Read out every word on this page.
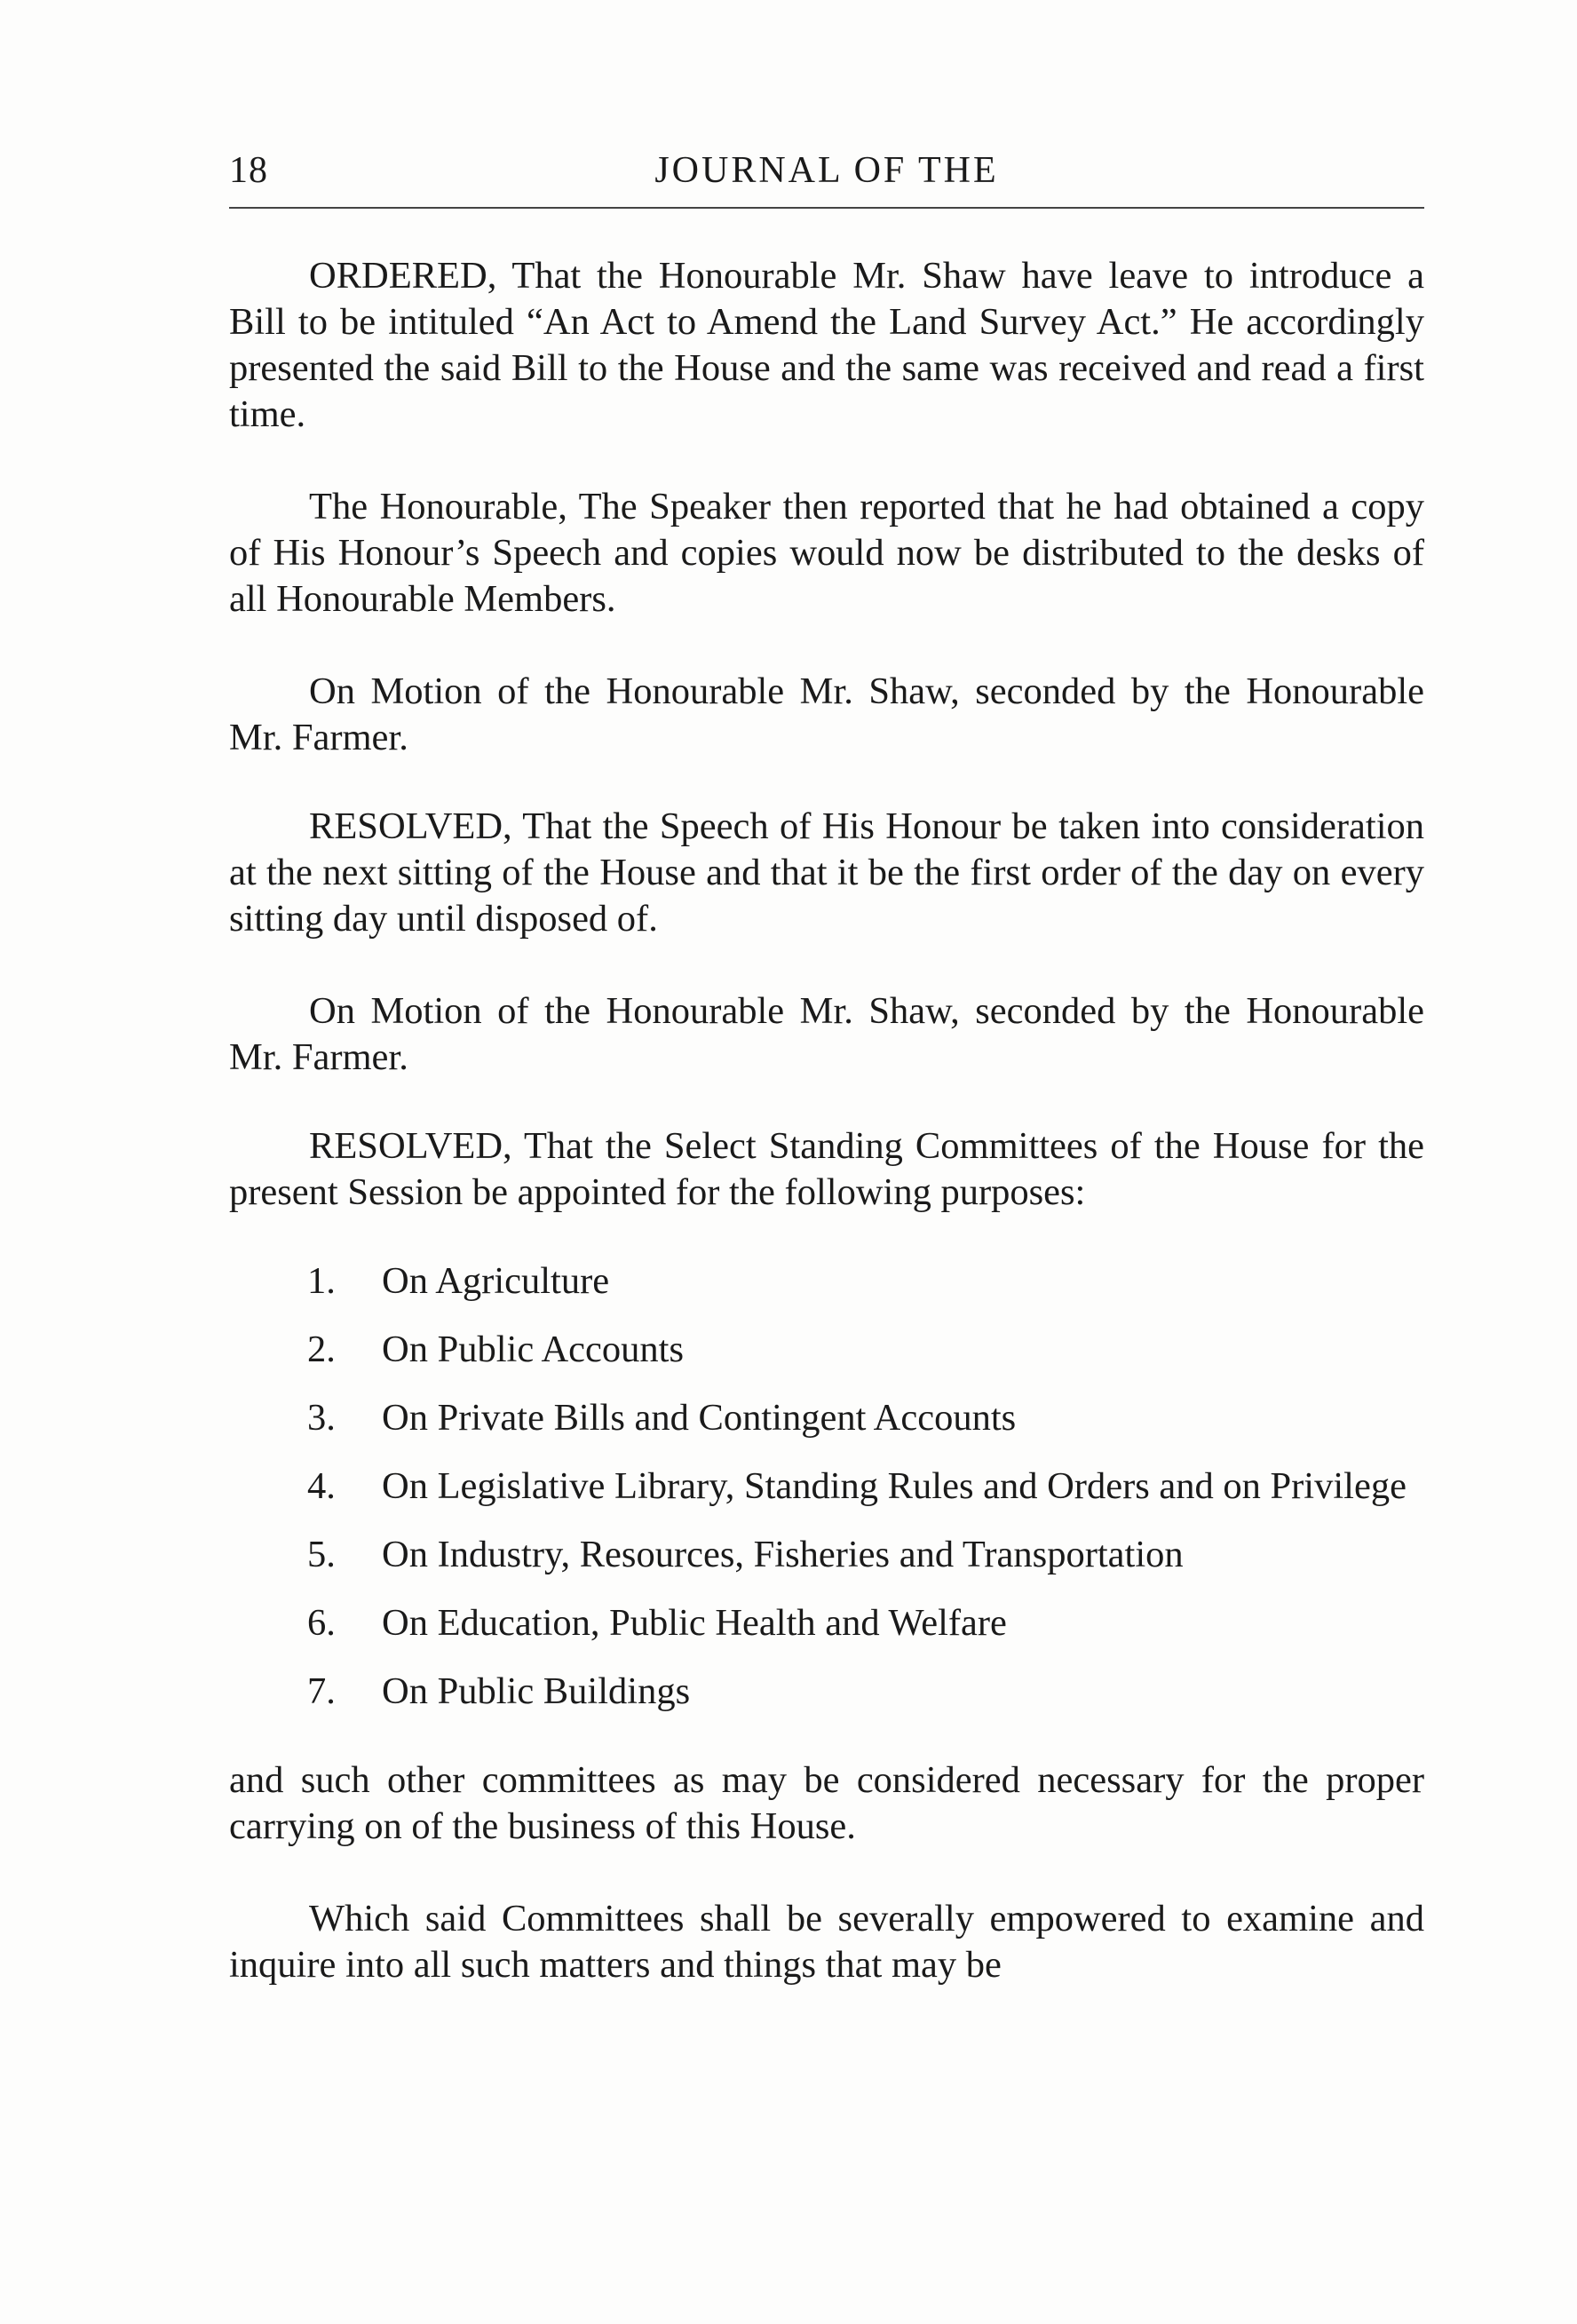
18	JOURNAL OF THE

ORDERED, That the Honourable Mr. Shaw have leave to introduce a Bill to be intituled “An Act to Amend the Land Survey Act.” He accordingly presented the said Bill to the House and the same was received and read a first time.

The Honourable, The Speaker then reported that he had obtained a copy of His Honour’s Speech and copies would now be distributed to the desks of all Honourable Members.

On Motion of the Honourable Mr. Shaw, seconded by the Honourable Mr. Farmer.

RESOLVED, That the Speech of His Honour be taken into consideration at the next sitting of the House and that it be the first order of the day on every sitting day until disposed of.

On Motion of the Honourable Mr. Shaw, seconded by the Honourable Mr. Farmer.

RESOLVED, That the Select Standing Committees of the House for the present Session be appointed for the following purposes:

1.	On Agriculture
2.	On Public Accounts
3.	On Private Bills and Contingent Accounts
4.	On Legislative Library, Standing Rules and Orders and on Privilege
5.	On Industry, Resources, Fisheries and Transportation
6.	On Education, Public Health and Welfare
7.	On Public Buildings

and such other committees as may be considered necessary for the proper carrying on of the business of this House.

Which said Committees shall be severally empowered to examine and inquire into all such matters and things that may be
